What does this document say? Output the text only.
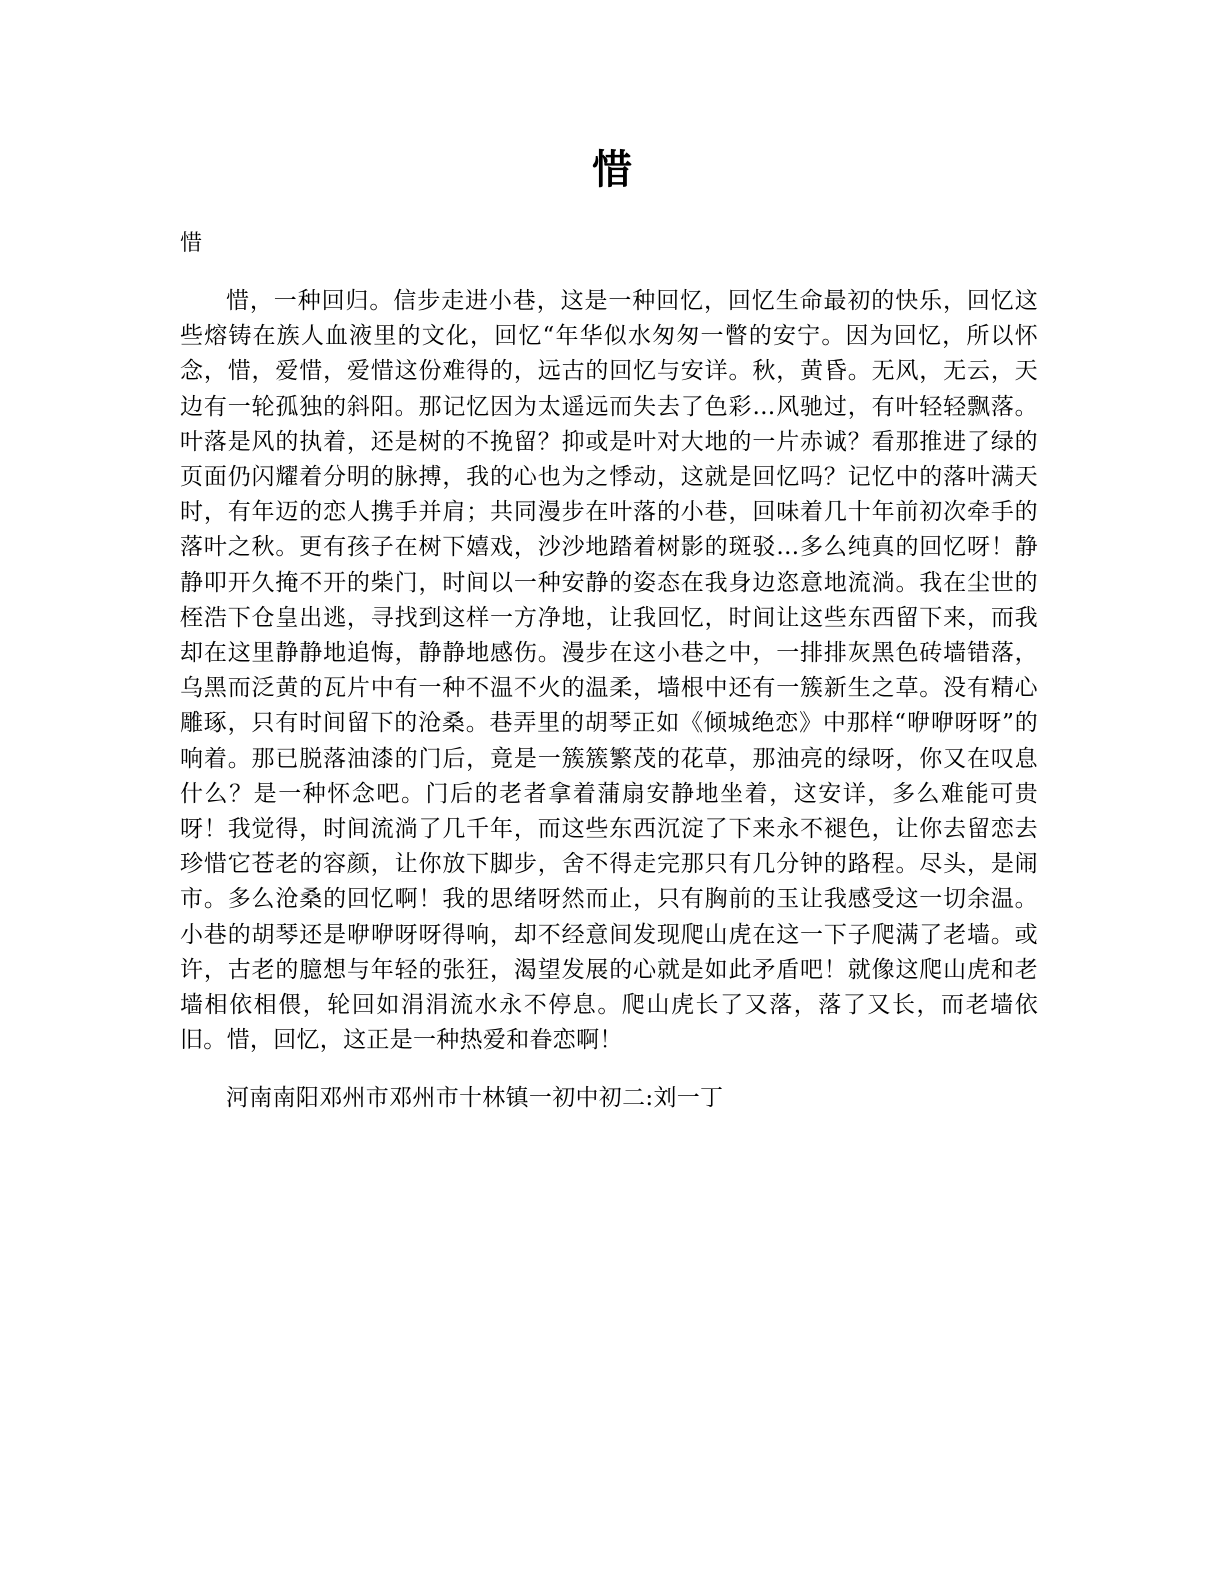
惜

惜

惜，一种回归。信步走进小巷，这是一种回忆，回忆生命最初的快乐，回忆这些熔铸在族人血液里的文化，回忆“年华似水匆匆一瞥的安宁。因为回忆，所以怀念，惜，爱惜，爱惜这份难得的，远古的回忆与安详。秋，黄昏。无风，无云，天边有一轮孤独的斜阳。那记忆因为太遥远而失去了色彩…风驰过，有叶轻轻飘落。叶落是风的执着，还是树的不挽留？抑或是叶对大地的一片赤诚？看那推进了绿的页面仍闪耀着分明的脉搏，我的心也为之悸动，这就是回忆吗？记忆中的落叶满天时，有年迈的恋人携手并肩；共同漫步在叶落的小巷，回味着几十年前初次牵手的落叶之秋。更有孩子在树下嬉戏，沙沙地踏着树影的斑驳…多么纯真的回忆呀！静静叩开久掩不开的柴门，时间以一种安静的姿态在我身边恣意地流淌。我在尘世的桎浩下仓皇出逃，寻找到这样一方净地，让我回忆，时间让这些东西留下来，而我却在这里静静地追悔，静静地感伤。漫步在这小巷之中，一排排灰黑色砖墙错落，乌黑而泛黄的瓦片中有一种不温不火的温柔，墙根中还有一簇新生之草。没有精心雕琢，只有时间留下的沧桑。巷弄里的胡琴正如《倾城绝恋》中那样“咿咿呀呀”的响着。那已脱落油漆的门后，竟是一簇簇繁茂的花草，那油亮的绿呀，你又在叹息什么？是一种怀念吧。门后的老者拿着蒲扇安静地坐着，这安详，多么难能可贵呀！我觉得，时间流淌了几千年，而这些东西沉淀了下来永不褪色，让你去留恋去珍惜它苍老的容颜，让你放下脚步，舍不得走完那只有几分钟的路程。尽头，是闹市。多么沧桑的回忆啊！我的思绪呀然而止，只有胸前的玉让我感受这一切余温。小巷的胡琴还是咿咿呀呀得响，却不经意间发现爬山虎在这一下子爬满了老墙。或许，古老的臆想与年轻的张狂，渴望发展的心就是如此矛盾吧！就像这爬山虎和老墙相依相偎，轮回如涓涓流水永不停息。爬山虎长了又落，落了又长，而老墙依旧。惜，回忆，这正是一种热爱和眷恋啊！

河南南阳邓州市邓州市十林镇一初中初二:刘一丁
